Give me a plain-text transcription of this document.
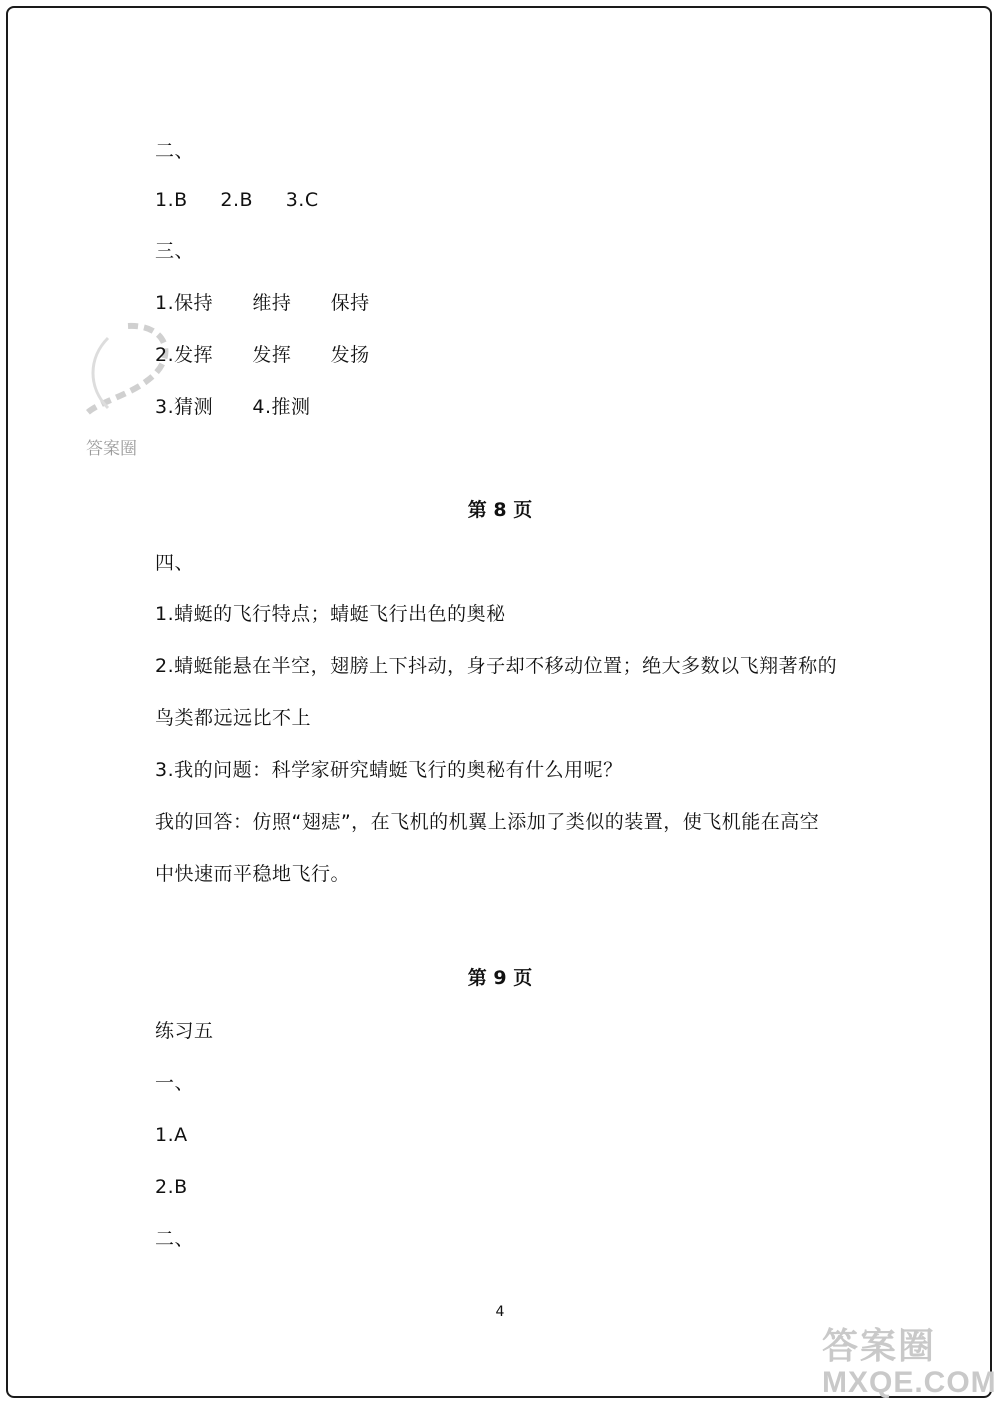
答案圈
二、
1.B     2.B     3.C
三、
1.保持      维持      保持
2.发挥      发挥      发扬
3.猜测      4.推测
第 8 页
四、
1.蜻蜓的飞行特点；蜻蜓飞行出色的奥秘
2.蜻蜓能悬在半空，翅膀上下抖动，身子却不移动位置；绝大多数以飞翔著称的
鸟类都远远比不上
3.我的问题：科学家研究蜻蜓飞行的奥秘有什么用呢？
我的回答：仿照“翅痣”，在飞机的机翼上添加了类似的装置，使飞机能在高空
中快速而平稳地飞行。
第 9 页
练习五
一、
1.A
2.B
二、
4
答案圈
MXQE.COM
